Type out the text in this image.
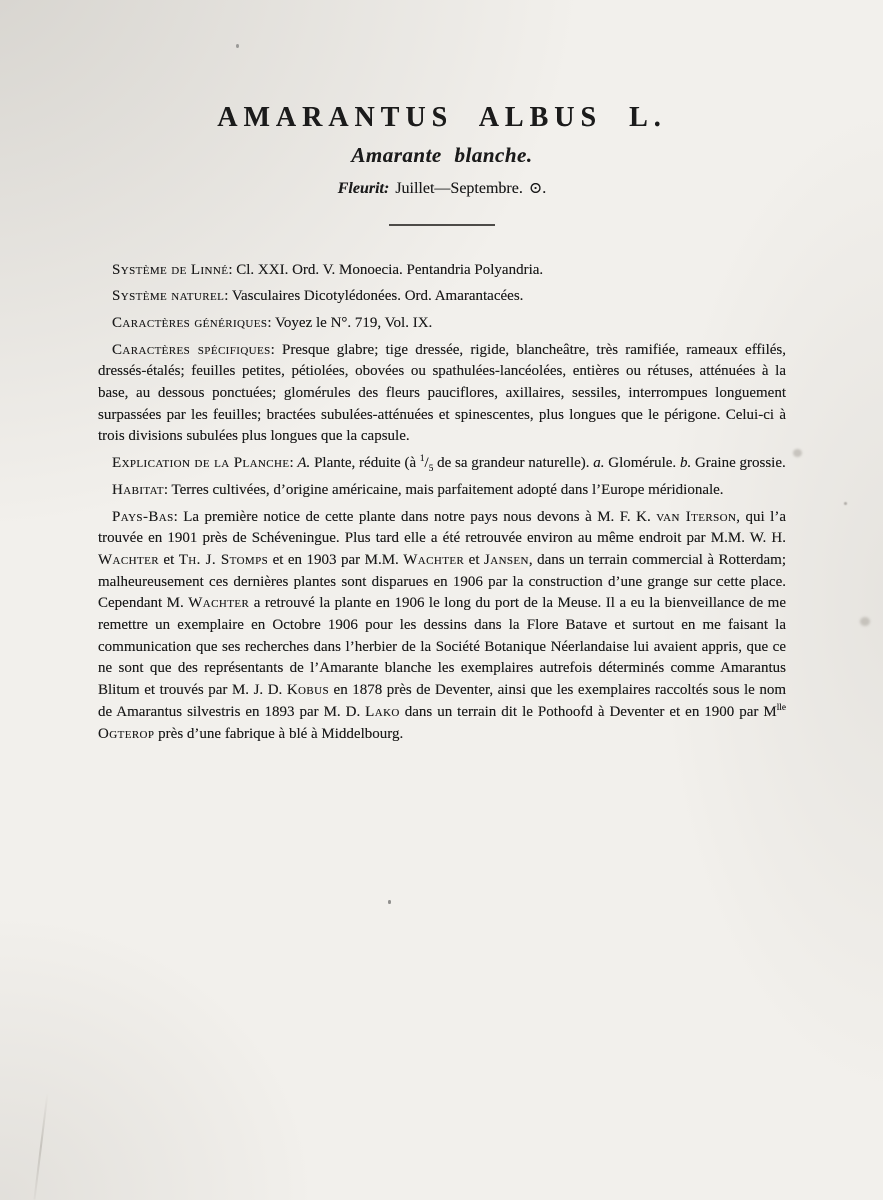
AMARANTUS ALBUS L.
Amarante blanche.

Fleurit: Juillet—Septembre. ⊙.

Système de Linné: Cl. XXI. Ord. V. Monoecia. Pentandria Polyandria.

Système naturel: Vasculaires Dicotylédonées. Ord. Amarantacées.

Caractères génériques: Voyez le N°. 719, Vol. IX.

Caractères spécifiques: Presque glabre; tige dressée, rigide, blancheâtre, très ramifiée, rameaux effilés, dressés-étalés; feuilles petites, pétiolées, obovées ou spathulées-lancéolées, entières ou rétuses, atténuées à la base, au dessous ponctuées; glomérules des fleurs pauciflores, axillaires, sessiles, interrompues longuement surpassées par les feuilles; bractées subulées-atténuées et spinescentes, plus longues que le périgone. Celui-ci à trois divisions subulées plus longues que la capsule.

Explication de la Planche: A. Plante, réduite (à $^1/_5$ de sa grandeur naturelle). a. Glomérule. b. Graine grossie.

Habitat: Terres cultivées, d’origine américaine, mais parfaitement adopté dans l’Europe méridionale.

Pays-Bas: La première notice de cette plante dans notre pays nous devons à M. F. K. van Iterson, qui l’a trouvée en 1901 près de Schéveningue. Plus tard elle a été retrouvée environ au même endroit par M.M. W. H. Wachter et Th. J. Stomps et en 1903 par M.M. Wachter et Jansen, dans un terrain commercial à Rotterdam; malheureusement ces dernières plantes sont disparues en 1906 par la construction d’une grange sur cette place. Cependant M. Wachter a retrouvé la plante en 1906 le long du port de la Meuse. Il a eu la bienveillance de me remettre un exemplaire en Octobre 1906 pour les dessins dans la Flore Batave et surtout en me faisant la communication que ses recherches dans l’herbier de la Société Botanique Néerlandaise lui avaient appris, que ce ne sont que des représentants de l’Amarante blanche les exemplaires autrefois déterminés comme Amarantus Blitum et trouvés par M. J. D. Kobus en 1878 près de Deventer, ainsi que les exemplaires raccoltés sous le nom de Amarantus silvestris en 1893 par M. D. Lako dans un terrain dit le Pothoofd à Deventer et en 1900 par $M^{lle}$ Ogterop près d’une fabrique à blé à Middelbourg.
